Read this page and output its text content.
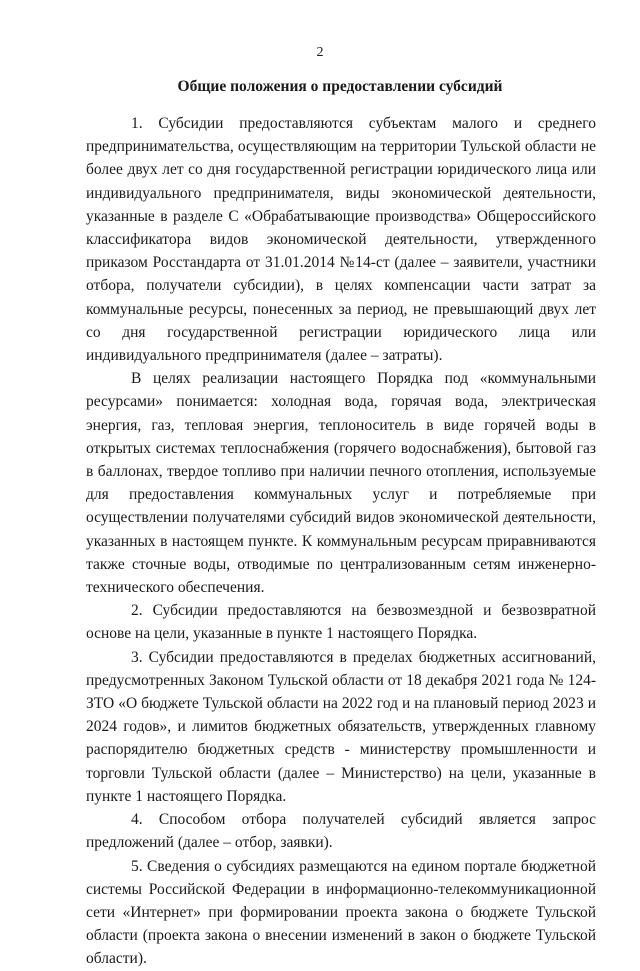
2
Общие положения о предоставлении субсидий

1. Субсидии предоставляются субъектам малого и среднего предпринимательства, осуществляющим на территории Тульской области не более двух лет со дня государственной регистрации юридического лица или индивидуального предпринимателя, виды экономической деятельности, указанные в разделе С «Обрабатывающие производства» Общероссийского классификатора видов экономической деятельности, утвержденного приказом Росстандарта от 31.01.2014 №14-ст (далее – заявители, участники отбора, получатели субсидии), в целях компенсации части затрат за коммунальные ресурсы, понесенных за период, не превышающий двух лет со дня государственной регистрации юридического лица или индивидуального предпринимателя (далее – затраты).

В целях реализации настоящего Порядка под «коммунальными ресурсами» понимается: холодная вода, горячая вода, электрическая энергия, газ, тепловая энергия, теплоноситель в виде горячей воды в открытых системах теплоснабжения (горячего водоснабжения), бытовой газ в баллонах, твердое топливо при наличии печного отопления, используемые для предоставления коммунальных услуг и потребляемые при осуществлении получателями субсидий видов экономической деятельности, указанных в настоящем пункте. К коммунальным ресурсам приравниваются также сточные воды, отводимые по централизованным сетям инженерно-технического обеспечения.

2. Субсидии предоставляются на безвозмездной и безвозвратной основе на цели, указанные в пункте 1 настоящего Порядка.

3. Субсидии предоставляются в пределах бюджетных ассигнований, предусмотренных Законом Тульской области от 18 декабря 2021 года № 124-ЗТО «О бюджете Тульской области на 2022 год и на плановый период 2023 и 2024 годов», и лимитов бюджетных обязательств, утвержденных главному распорядителю бюджетных средств - министерству промышленности и торговли Тульской области (далее – Министерство) на цели, указанные в пункте 1 настоящего Порядка.

4. Способом отбора получателей субсидий является запрос предложений (далее – отбор, заявки).

5. Сведения о субсидиях размещаются на едином портале бюджетной системы Российской Федерации в информационно-телекоммуникационной сети «Интернет» при формировании проекта закона о бюджете Тульской области (проекта закона о внесении изменений в закон о бюджете Тульской области).
